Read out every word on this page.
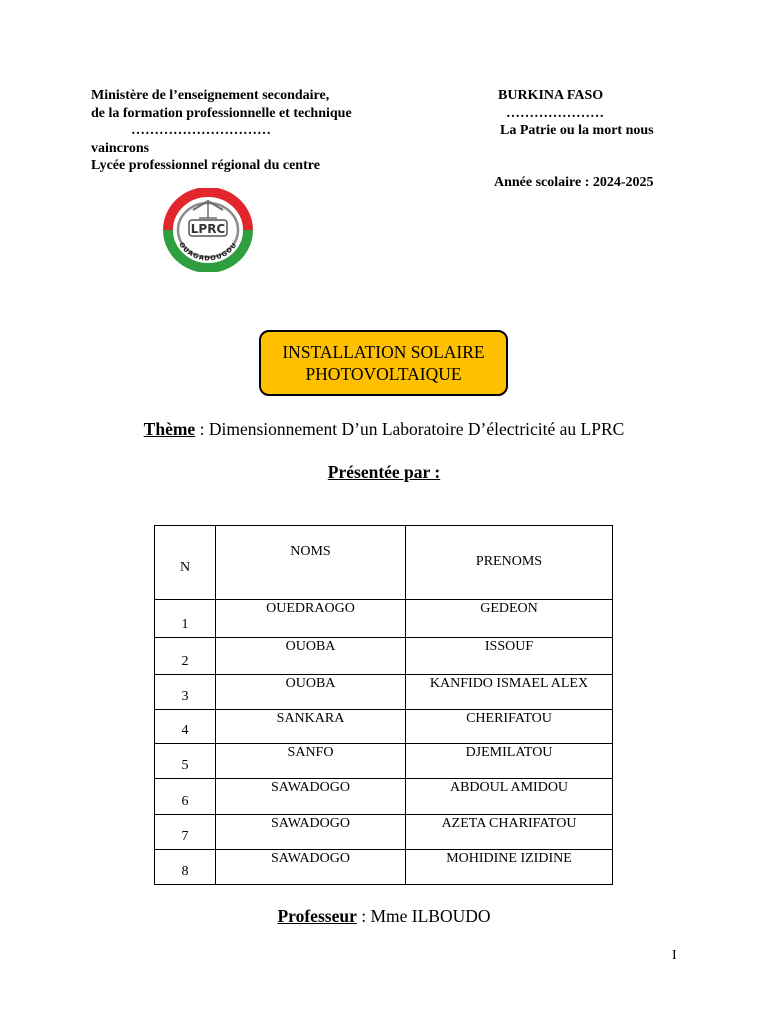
Ministère de l’enseignement secondaire,
de la formation professionnelle et technique
…………………………
vaincrons
Lycée professionnel régional du centre
BURKINA FASO
…………………
La Patrie ou la mort nous
Année scolaire : 2024-2025
LPRC
OUAGADOUGOU
INSTALLATION SOLAIRE
PHOTOVOLTAIQUE
Thème : Dimensionnement D’un Laboratoire D’électricité au LPRC
Présentée par :
N	NOMS	PRENOMS

1	OUEDRAOGO	GEDEON

2	OUOBA	ISSOUF

3	OUOBA	KANFIDO ISMAEL ALEX

4	SANKARA	CHERIFATOU

5	SANFO	DJEMILATOU

6	SAWADOGO	ABDOUL AMIDOU

7	SAWADOGO	AZETA CHARIFATOU

8	SAWADOGO	MOHIDINE IZIDINE
Professeur : Mme ILBOUDO
I
